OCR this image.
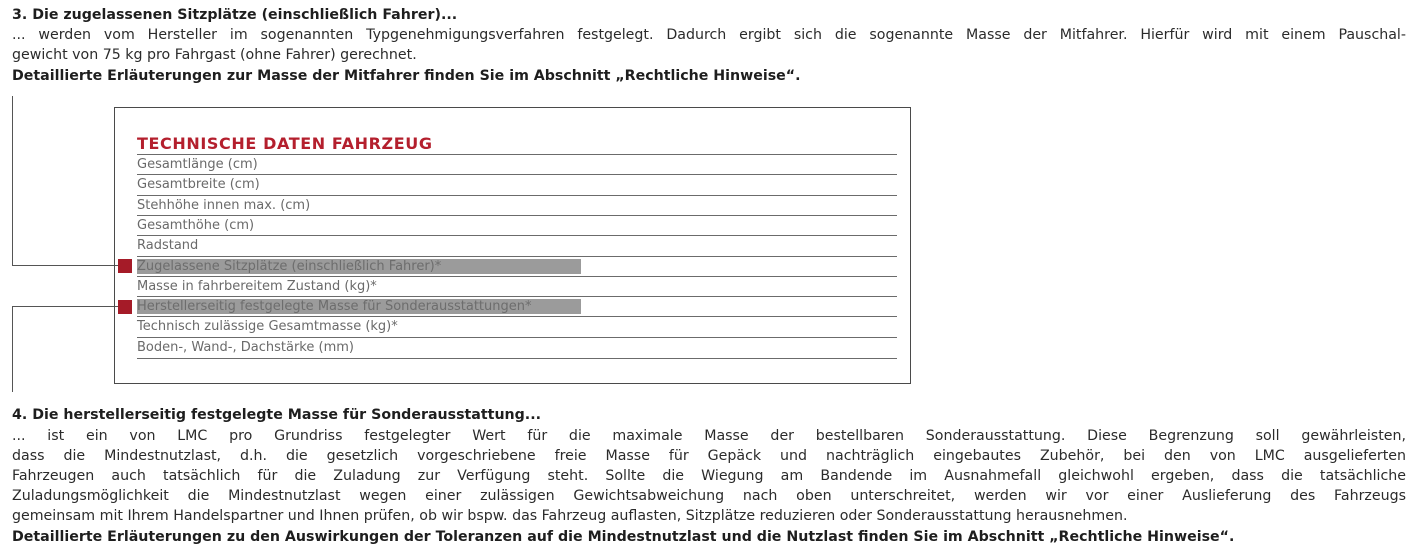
3. Die zugelassenen Sitzplätze (einschließlich Fahrer)...

... werden vom Hersteller im sogenannten Typgenehmigungsverfahren festgelegt. Dadurch ergibt sich die sogenannte Masse der Mitfahrer. Hierfür wird mit einem Pauschal-
gewicht von 75 kg pro Fahrgast (ohne Fahrer) gerechnet.

Detaillierte Erläuterungen zur Masse der Mitfahrer finden Sie im Abschnitt „Rechtliche Hinweise“.

TECHNISCHE DATEN FAHRZEUG
Gesamtlänge (cm)
Gesamtbreite (cm)
Stehhöhe innen max. (cm)
Gesamthöhe (cm)
Radstand
Zugelassene Sitzplätze (einschließlich Fahrer)*
Masse in fahrbereitem Zustand (kg)*
Herstellerseitig festgelegte Masse für Sonderausstattungen*
Technisch zulässige Gesamtmasse (kg)*
Boden-, Wand-, Dachstärke (mm)

4. Die herstellerseitig festgelegte Masse für Sonderausstattung...

... ist ein von LMC pro Grundriss festgelegter Wert für die maximale Masse der bestellbaren Sonderausstattung. Diese Begrenzung soll gewährleisten,
dass die Mindestnutzlast, d.h. die gesetzlich vorgeschriebene freie Masse für Gepäck und nachträglich eingebautes Zubehör, bei den von LMC ausgelieferten
Fahrzeugen auch tatsächlich für die Zuladung zur Verfügung steht. Sollte die Wiegung am Bandende im Ausnahmefall gleichwohl ergeben, dass die tatsächliche
Zuladungsmöglichkeit die Mindestnutzlast wegen einer zulässigen Gewichtsabweichung nach oben unterschreitet, werden wir vor einer Auslieferung des Fahrzeugs
gemeinsam mit Ihrem Handelspartner und Ihnen prüfen, ob wir bspw. das Fahrzeug auflasten, Sitzplätze reduzieren oder Sonderausstattung herausnehmen.

Detaillierte Erläuterungen zu den Auswirkungen der Toleranzen auf die Mindestnutzlast und die Nutzlast finden Sie im Abschnitt „Rechtliche Hinweise“.
